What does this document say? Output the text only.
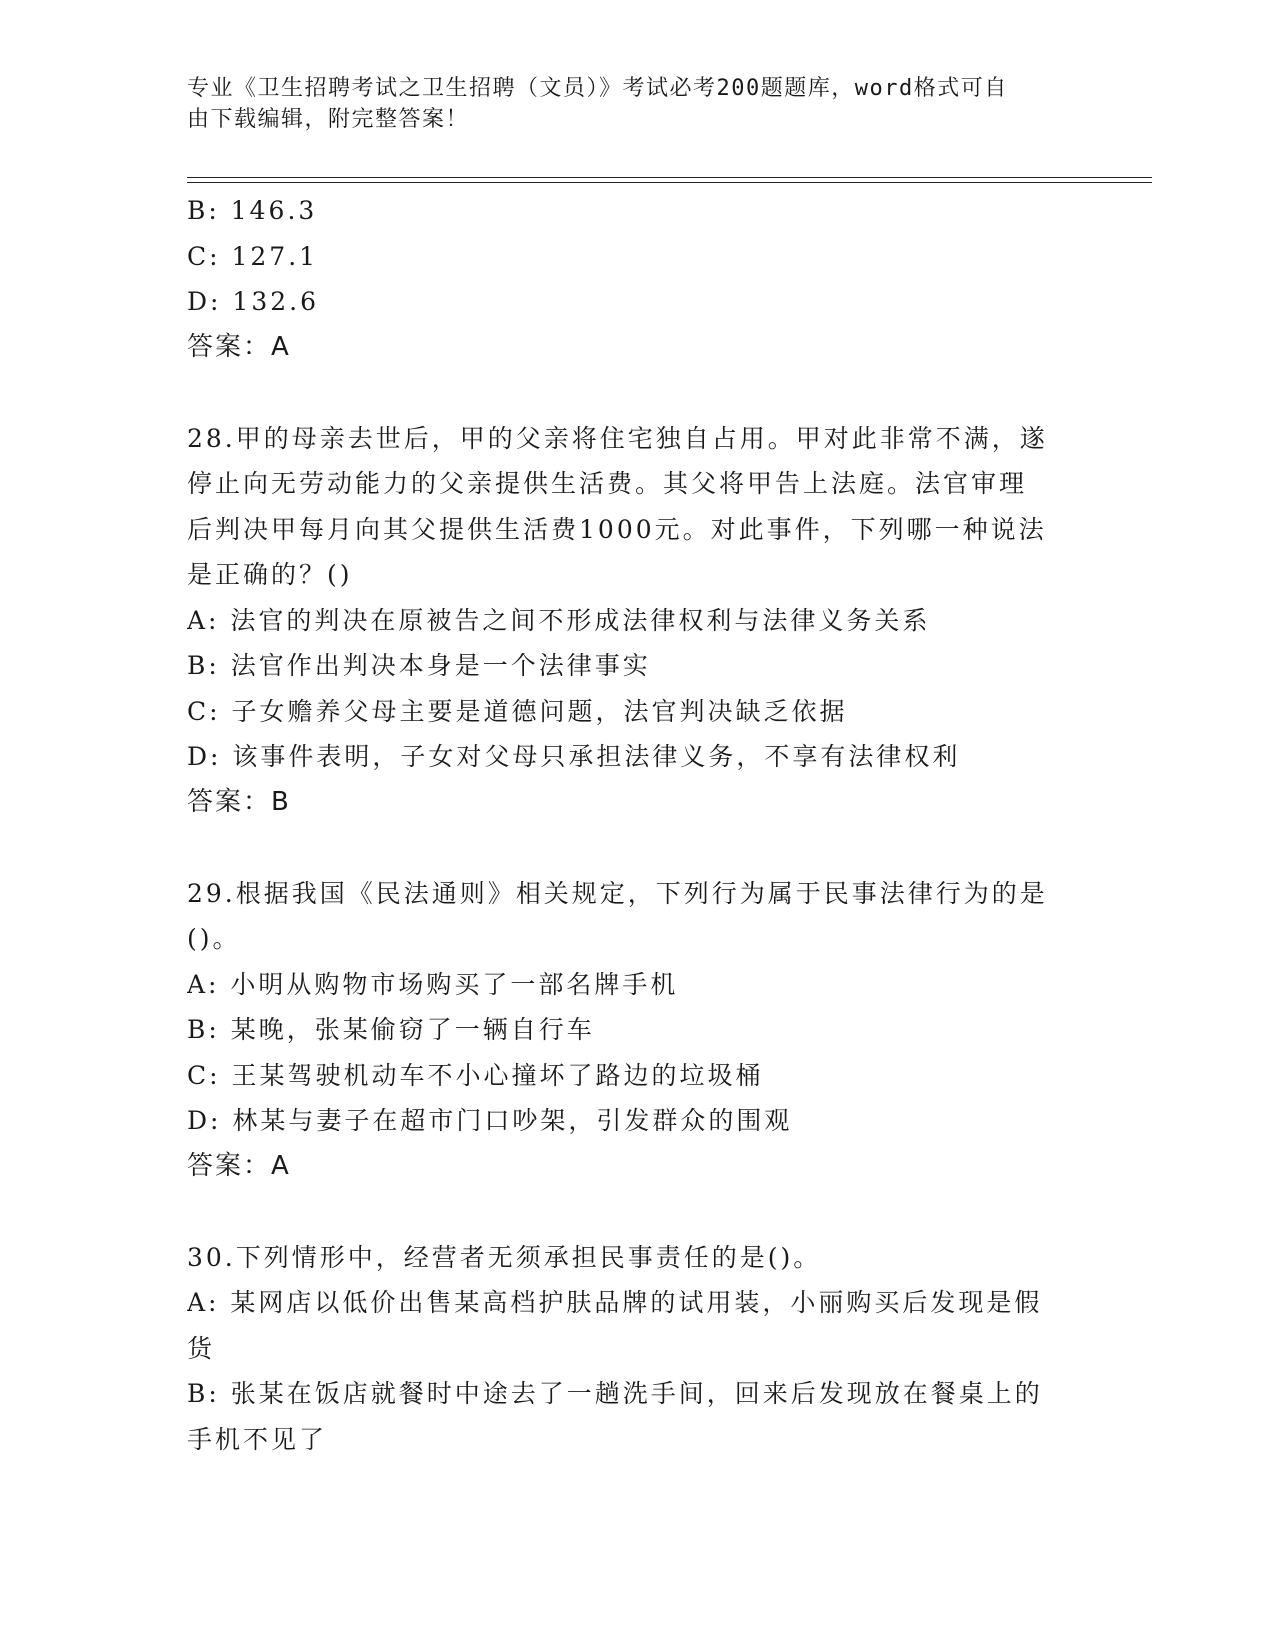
专业《卫生招聘考试之卫生招聘（文员）》考试必考200题题库，word格式可自
由下载编辑，附完整答案！
B: 146.3
C: 127.1
D: 132.6
答案：A
28.甲的母亲去世后，甲的父亲将住宅独自占用。甲对此非常不满，遂
停止向无劳动能力的父亲提供生活费。其父将甲告上法庭。法官审理
后判决甲每月向其父提供生活费1000元。对此事件，下列哪一种说法
是正确的？()
A: 法官的判决在原被告之间不形成法律权利与法律义务关系
B: 法官作出判决本身是一个法律事实
C: 子女赡养父母主要是道德问题，法官判决缺乏依据
D: 该事件表明，子女对父母只承担法律义务，不享有法律权利
答案：B
29.根据我国《民法通则》相关规定，下列行为属于民事法律行为的是
()。
A: 小明从购物市场购买了一部名牌手机
B: 某晚，张某偷窃了一辆自行车
C: 王某驾驶机动车不小心撞坏了路边的垃圾桶
D: 林某与妻子在超市门口吵架，引发群众的围观
答案：A
30.下列情形中，经营者无须承担民事责任的是()。
A: 某网店以低价出售某高档护肤品牌的试用装，小丽购买后发现是假
货
B: 张某在饭店就餐时中途去了一趟洗手间，回来后发现放在餐桌上的
手机不见了
